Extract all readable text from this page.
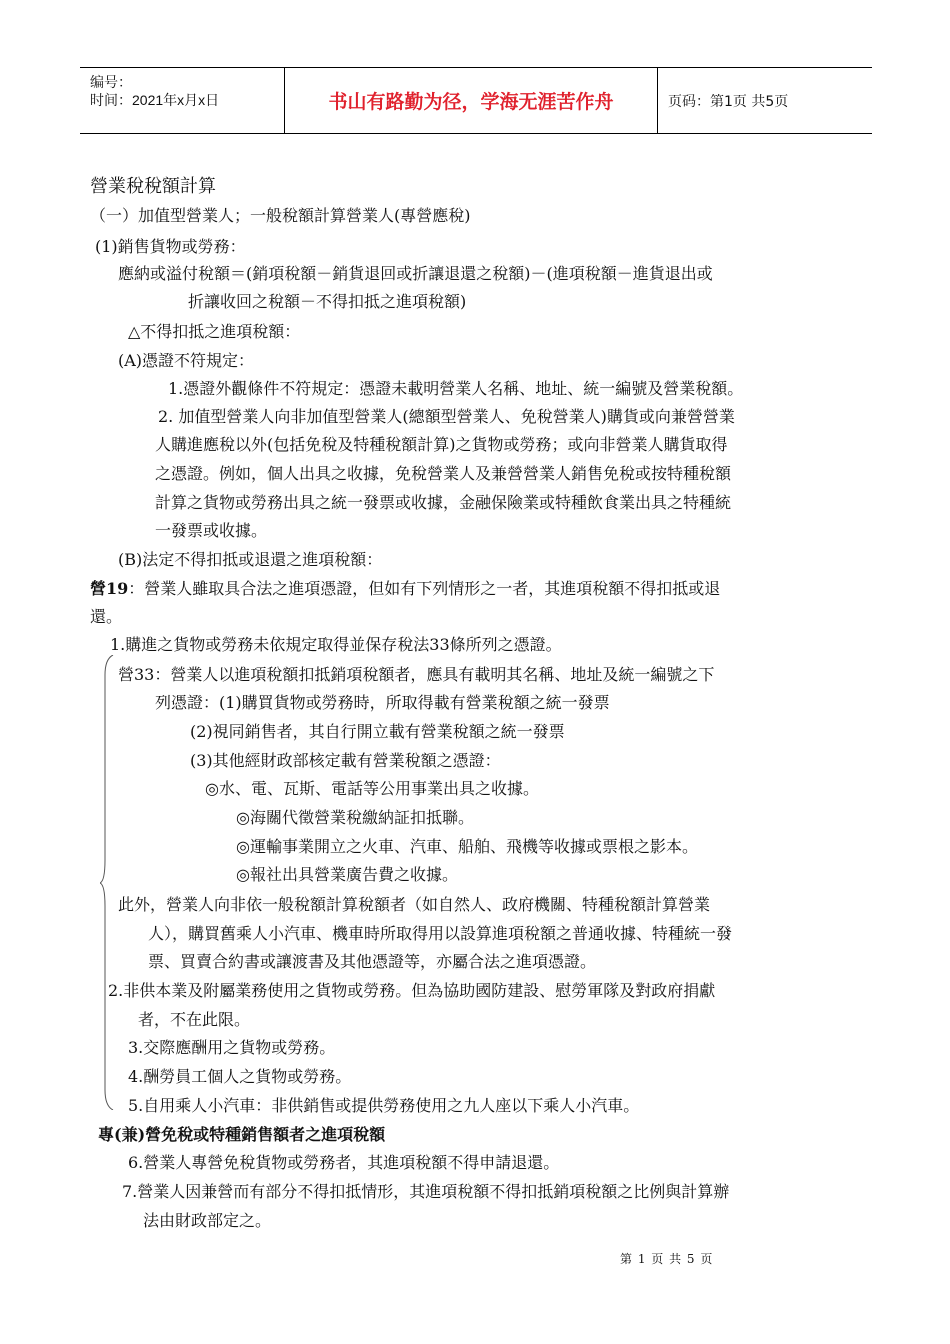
编号：
时间：2021年x月x日	书山有路勤为径，学海无涯苦作舟	页码：第1页 共5页

營業稅稅額計算

（一）加值型營業人；一般稅額計算營業人(專營應稅)

(1)銷售貨物或勞務：

應納或溢付稅額＝(銷項稅額－銷貨退回或折讓退還之稅額)－(進項稅額－進貨退出或

折讓收回之稅額－不得扣抵之進項稅額)

△不得扣抵之進項稅額：

(A)憑證不符規定：

1.憑證外觀條件不符規定：憑證未載明營業人名稱、地址、統一編號及營業稅額。

2. 加值型營業人向非加值型營業人(總額型營業人、免稅營業人)購貨或向兼營營業

人購進應稅以外(包括免稅及特種稅額計算)之貨物或勞務；或向非營業人購貨取得

之憑證。例如，個人出具之收據，免稅營業人及兼營營業人銷售免稅或按特種稅額

計算之貨物或勞務出具之統一發票或收據，金融保險業或特種飲食業出具之特種統

一發票或收據。

(B)法定不得扣抵或退還之進項稅額：

營19：營業人雖取具合法之進項憑證，但如有下列情形之一者，其進項稅額不得扣抵或退

還。

1.購進之貨物或勞務未依規定取得並保存稅法33條所列之憑證。

營33：營業人以進項稅額扣抵銷項稅額者，應具有載明其名稱、地址及統一編號之下

列憑證：(1)購買貨物或勞務時，所取得載有營業稅額之統一發票

(2)視同銷售者，其自行開立載有營業稅額之統一發票

(3)其他經財政部核定載有營業稅額之憑證：

◎水、電、瓦斯、電話等公用事業出具之收據。

◎海關代徵營業稅繳納証扣抵聯。

◎運輸事業開立之火車、汽車、船舶、飛機等收據或票根之影本。

◎報社出具營業廣告費之收據。

此外，營業人向非依一般稅額計算稅額者（如自然人、政府機關、特種稅額計算營業

人），購買舊乘人小汽車、機車時所取得用以設算進項稅額之普通收據、特種統一發

票、買賣合約書或讓渡書及其他憑證等，亦屬合法之進項憑證。

2.非供本業及附屬業務使用之貨物或勞務。但為協助國防建設、慰勞軍隊及對政府捐獻

者，不在此限。

3.交際應酬用之貨物或勞務。

4.酬勞員工個人之貨物或勞務。

5.自用乘人小汽車：非供銷售或提供勞務使用之九人座以下乘人小汽車。

專(兼)營免稅或特種銷售額者之進項稅額

6.營業人專營免稅貨物或勞務者，其進項稅額不得申請退還。

7.營業人因兼營而有部分不得扣抵情形，其進項稅額不得扣抵銷項稅額之比例與計算辦

法由財政部定之。

第 1 页 共 5 页
